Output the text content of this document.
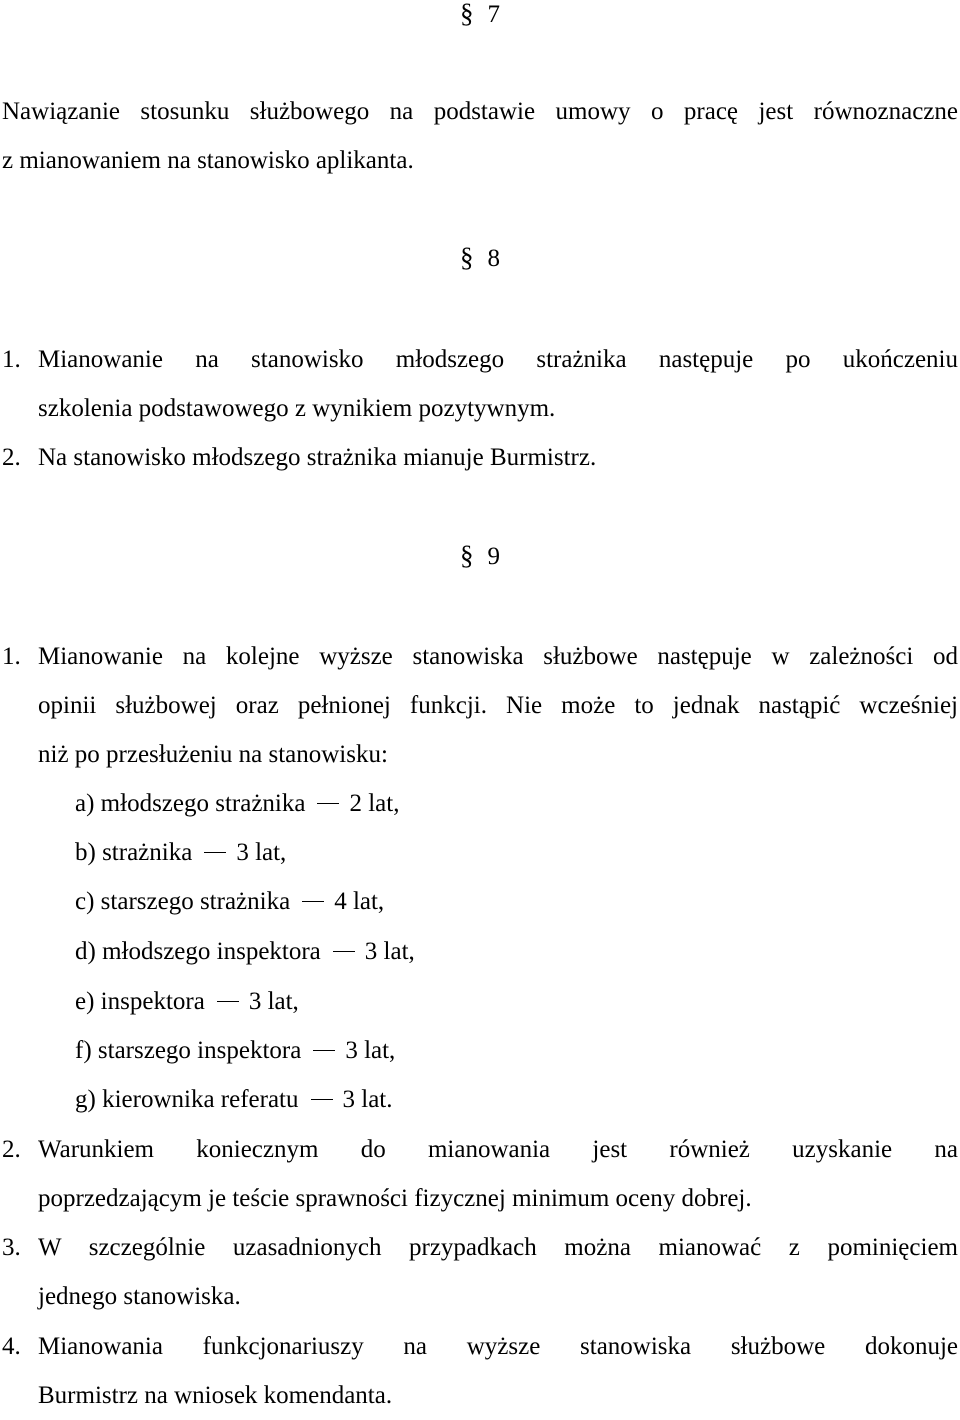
§ 7
Nawiązanie stosunku służbowego na podstawie umowy o pracę jest równoznaczne
z mianowaniem na stanowisko aplikanta.
§ 8
1. Mianowanie na stanowisko młodszego strażnika następuje po ukończeniu
szkolenia podstawowego z wynikiem pozytywnym.
2. Na stanowisko młodszego strażnika mianuje Burmistrz.
§ 9
1. Mianowanie na kolejne wyższe stanowiska służbowe następuje w zależności od
opinii służbowej oraz pełnionej funkcji. Nie może to jednak nastąpić wcześniej
niż po przesłużeniu na stanowisku:
a) młodszego strażnika 2 lat,
b) strażnika 3 lat,
c) starszego strażnika 4 lat,
d) młodszego inspektora 3 lat,
e) inspektora 3 lat,
f) starszego inspektora 3 lat,
g) kierownika referatu 3 lat.
2. Warunkiem koniecznym do mianowania jest również uzyskanie na
poprzedzającym je teście sprawności fizycznej minimum oceny dobrej.
3. W szczególnie uzasadnionych przypadkach można mianować z pominięciem
jednego stanowiska.
4. Mianowania funkcjonariuszy na wyższe stanowiska służbowe dokonuje
Burmistrz na wniosek komendanta.
